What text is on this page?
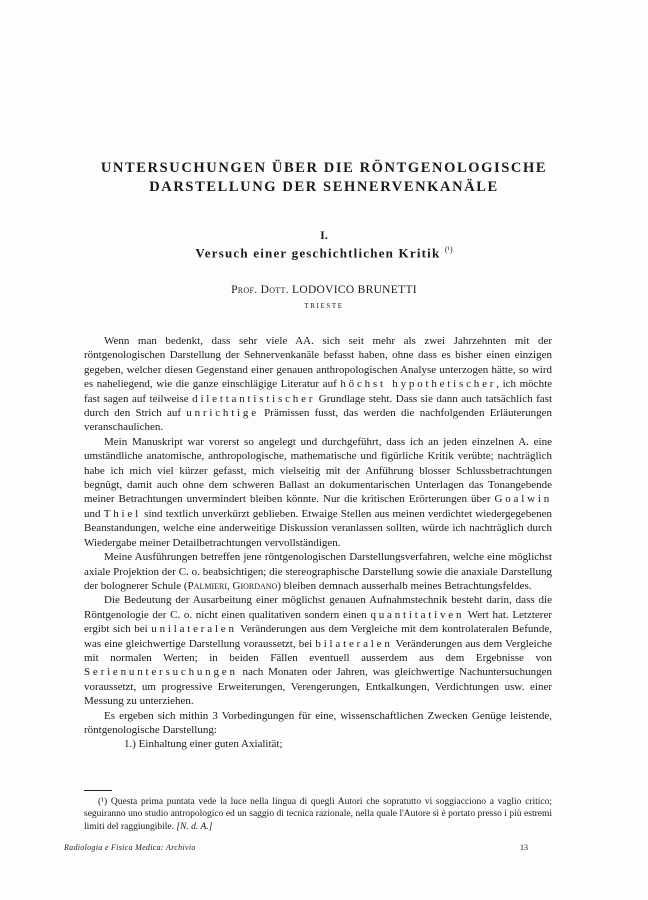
UNTERSUCHUNGEN ÜBER DIE RÖNTGENOLOGISCHE
DARSTELLUNG DER SEHNERVENKANÄLE
I.
Versuch einer geschichtlichen Kritik $^{(^1)}$
Prof. Dott. LODOVICO BRUNETTI
TRIESTE

Wenn man bedenkt, dass sehr viele AA. sich seit mehr als zwei Jahrzehnten mit der röntgenologischen Darstellung der Sehnervenkanäle befasst haben, ohne dass es bisher einen einzigen gegeben, welcher diesen Gegenstand einer genauen anthropologischen Analyse unterzogen hätte, so wird es naheliegend, wie die ganze einschlägige Literatur auf höchst hypothetischer, ich möchte fast sagen auf teilweise dilettantistischer Grundlage steht. Dass sie dann auch tatsächlich fast durch den Strich auf unrichtige Prämissen fusst, das werden die nachfolgenden Erläuterungen veranschaulichen.

Mein Manuskript war vorerst so angelegt und durchgeführt, dass ich an jeden einzelnen A. eine umständliche anatomische, anthropologische, mathematische und figürliche Kritik verübte; nachträglich habe ich mich viel kürzer gefasst, mich vielseitig mit der Anführung blosser Schlussbetrachtungen begnügt, damit auch ohne dem schweren Ballast an dokumentarischen Unterlagen das Tonangebende meiner Betrachtungen unvermindert bleiben könnte. Nur die kritischen Erörterungen über Goalwin und Thiel sind textlich unverkürzt geblieben. Etwaige Stellen aus meinen verdichtet wiedergegebenen Beanstandungen, welche eine anderweitige Diskussion veranlassen sollten, würde ich nachträglich durch Wiedergabe meiner Detailbetrachtungen vervollständigen.

Meine Ausführungen betreffen jene röntgenologischen Darstellungsverfahren, welche eine möglichst axiale Projektion der C. o. beabsichtigen; die stereographische Darstellung sowie die anaxiale Darstellung der bolognerer Schule (Palmieri, Giordano) bleiben demnach ausserhalb meines Betrachtungsfeldes.

Die Bedeutung der Ausarbeitung einer möglichst genauen Aufnahmstechnik besteht darin, dass die Röntgenologie der C. o. nicht einen qualitativen sondern einen quantitativen Wert hat. Letzterer ergibt sich bei unilateralen Veränderungen aus dem Vergleiche mit dem kontrolateralen Befunde, was eine gleichwertige Darstellung voraussetzt, bei bilateralen Veränderungen aus dem Vergleiche mit normalen Werten; in beiden Fällen eventuell ausserdem aus dem Ergebnisse von Serienuntersuchungen nach Monaten oder Jahren, was gleichwertige Nachuntersuchungen voraussetzt, um progressive Erweiterungen, Verengerungen, Entkalkungen, Verdichtungen usw. einer Messung zu unterziehen.

Es ergeben sich mithin 3 Vorbedingungen für eine, wissenschaftlichen Zwecken Genüge leistende, röntgenologische Darstellung:

1.) Einhaltung einer guten Axialität;

(¹) Questa prima puntata vede la luce nella lingua di quegli Autori che sopratutto vi soggiacciono a vaglio critico; seguiranno uno studio antropologico ed un saggio di tecnica razionale, nella quale l'Autore si è portato presso i più estremi limiti del raggiungibile. [N. d. A.]

Radiologia e Fisica Medica: Archivio	13
